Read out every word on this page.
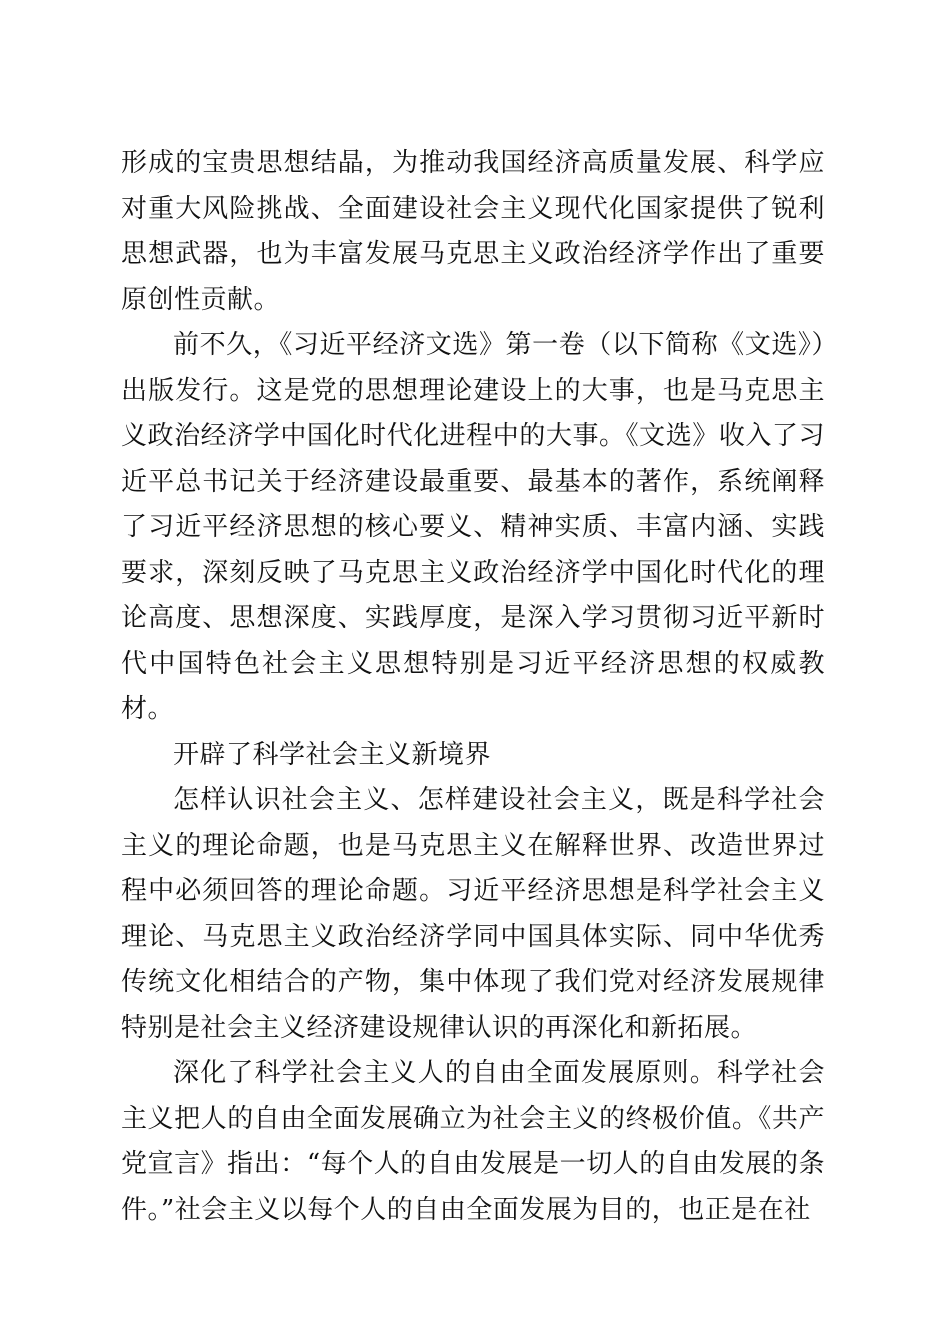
形成的宝贵思想结晶，为推动我国经济高质量发展、科学应对重大风险挑战、全面建设社会主义现代化国家提供了锐利思想武器，也为丰富发展马克思主义政治经济学作出了重要原创性贡献。

前不久，《习近平经济文选》第一卷（以下简称《文选》）出版发行。这是党的思想理论建设上的大事，也是马克思主义政治经济学中国化时代化进程中的大事。《文选》收入了习近平总书记关于经济建设最重要、最基本的著作，系统阐释了习近平经济思想的核心要义、精神实质、丰富内涵、实践要求，深刻反映了马克思主义政治经济学中国化时代化的理论高度、思想深度、实践厚度，是深入学习贯彻习近平新时代中国特色社会主义思想特别是习近平经济思想的权威教材。

开辟了科学社会主义新境界

怎样认识社会主义、怎样建设社会主义，既是科学社会主义的理论命题，也是马克思主义在解释世界、改造世界过程中必须回答的理论命题。习近平经济思想是科学社会主义理论、马克思主义政治经济学同中国具体实际、同中华优秀传统文化相结合的产物，集中体现了我们党对经济发展规律特别是社会主义经济建设规律认识的再深化和新拓展。

深化了科学社会主义人的自由全面发展原则。科学社会主义把人的自由全面发展确立为社会主义的终极价值。《共产党宣言》指出：“每个人的自由发展是一切人的自由发展的条件。”社会主义以每个人的自由全面发展为目的，也正是在社
